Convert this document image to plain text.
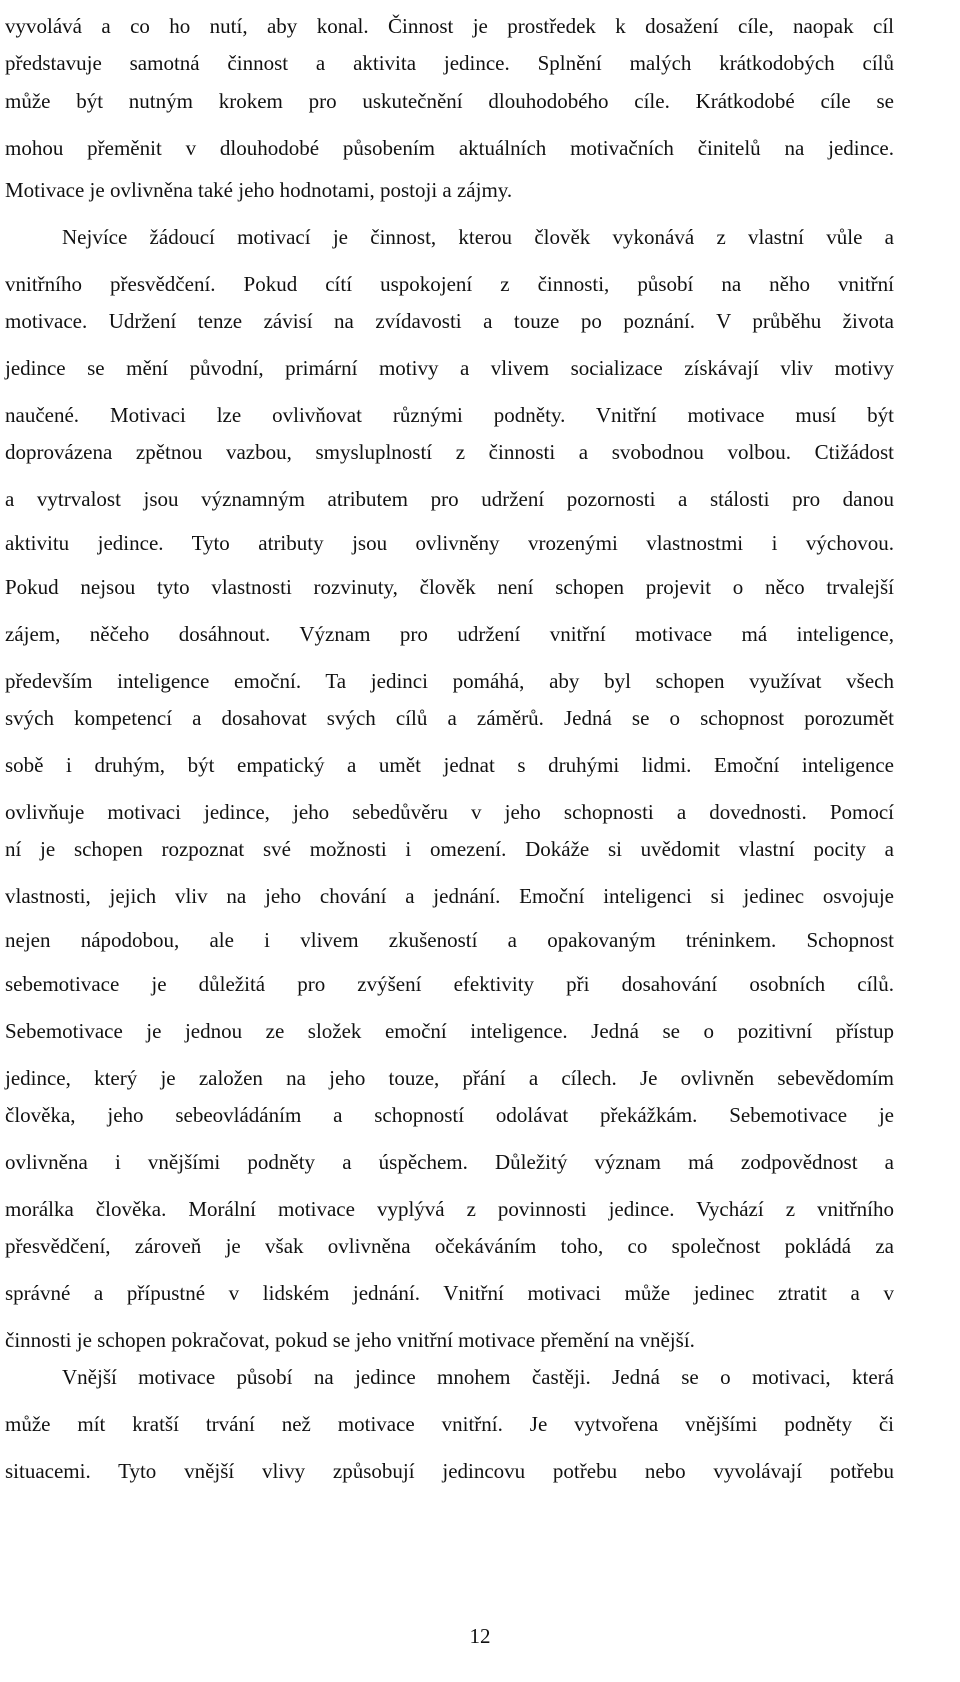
vyvolává a co ho nutí, aby konal. Činnost je prostředek k dosažení cíle, naopak cíl
představuje samotná činnost a aktivita jedince. Splnění malých krátkodobých cílů
může být nutným krokem pro uskutečnění dlouhodobého cíle. Krátkodobé cíle se
mohou přeměnit v dlouhodobé působením aktuálních motivačních činitelů na jedince.
Motivace je ovlivněna také jeho hodnotami, postoji a zájmy.
Nejvíce žádoucí motivací je činnost, kterou člověk vykonává z vlastní vůle a
vnitřního přesvědčení. Pokud cítí uspokojení z činnosti, působí na něho vnitřní
motivace. Udržení tenze závisí na zvídavosti a touze po poznání. V průběhu života
jedince se mění původní, primární motivy a vlivem socializace získávají vliv motivy
naučené. Motivaci lze ovlivňovat různými podněty. Vnitřní motivace musí být
doprovázena zpětnou vazbou, smysluplností z činnosti a svobodnou volbou. Ctižádost
a vytrvalost jsou významným atributem pro udržení pozornosti a stálosti pro danou
aktivitu jedince. Tyto atributy jsou ovlivněny vrozenými vlastnostmi i výchovou.
Pokud nejsou tyto vlastnosti rozvinuty, člověk není schopen projevit o něco trvalejší
zájem, něčeho dosáhnout. Význam pro udržení vnitřní motivace má inteligence,
především inteligence emoční. Ta jedinci pomáhá, aby byl schopen využívat všech
svých kompetencí a dosahovat svých cílů a záměrů. Jedná se o schopnost porozumět
sobě i druhým, být empatický a umět jednat s druhými lidmi. Emoční inteligence
ovlivňuje motivaci jedince, jeho sebedůvěru v jeho schopnosti a dovednosti. Pomocí
ní je schopen rozpoznat své možnosti i omezení. Dokáže si uvědomit vlastní pocity a
vlastnosti, jejich vliv na jeho chování a jednání. Emoční inteligenci si jedinec osvojuje
nejen nápodobou, ale i vlivem zkušeností a opakovaným tréninkem. Schopnost
sebemotivace je důležitá pro zvýšení efektivity při dosahování osobních cílů.
Sebemotivace je jednou ze složek emoční inteligence. Jedná se o pozitivní přístup
jedince, který je založen na jeho touze, přání a cílech. Je ovlivněn sebevědomím
člověka, jeho sebeovládáním a schopností odolávat překážkám. Sebemotivace je
ovlivněna i vnějšími podněty a úspěchem. Důležitý význam má zodpovědnost a
morálka člověka. Morální motivace vyplývá z povinnosti jedince. Vychází z vnitřního
přesvědčení, zároveň je však ovlivněna očekáváním toho, co společnost pokládá za
správné a přípustné v lidském jednání. Vnitřní motivaci může jedinec ztratit a v
činnosti je schopen pokračovat, pokud se jeho vnitřní motivace přemění na vnější.
Vnější motivace působí na jedince mnohem častěji. Jedná se o motivaci, která
může mít kratší trvání než motivace vnitřní. Je vytvořena vnějšími podněty či
situacemi. Tyto vnější vlivy způsobují jedincovu potřebu nebo vyvolávají potřebu
12
